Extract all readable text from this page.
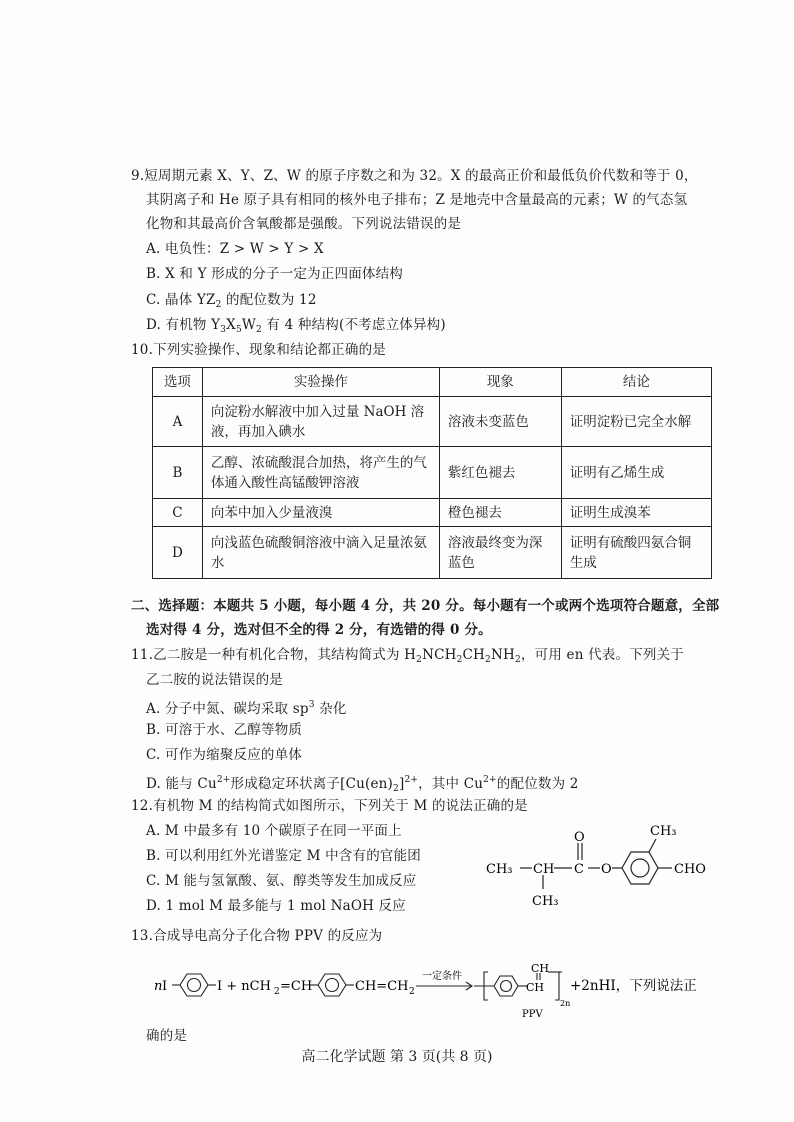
9.短周期元素 X、Y、Z、W 的原子序数之和为 32。X 的最高正价和最低负价代数和等于 0，
其阴离子和 He 原子具有相同的核外电子排布；Z 是地壳中含量最高的元素；W 的气态氢
化物和其最高价含氧酸都是强酸。下列说法错误的是
A. 电负性：Z > W > Y > X
B. X 和 Y 形成的分子一定为正四面体结构
C. 晶体 $YZ_2$ 的配位数为 12
D. 有机物 $Y_3X_5W_2$ 有 4 种结构(不考虑立体异构)
10.下列实验操作、现象和结论都正确的是
选项	实验操作	现象	结论
A	向淀粉水解液中加入过量 NaOH 溶液，再加入碘水	溶液未变蓝色	证明淀粉已完全水解
B	乙醇、浓硫酸混合加热，将产生的气体通入酸性高锰酸钾溶液	紫红色褪去	证明有乙烯生成
C	向苯中加入少量液溴	橙色褪去	证明生成溴苯
D	向浅蓝色硫酸铜溶液中滴入足量浓氨水	溶液最终变为深蓝色	证明有硫酸四氨合铜生成
二、选择题：本题共 5 小题，每小题 4 分，共 20 分。每小题有一个或两个选项符合题意，全部
选对得 4 分，选对但不全的得 2 分，有选错的得 0 分。
11.乙二胺是一种有机化合物，其结构简式为 $H_2NCH_2CH_2NH_2$，可用 en 代表。下列关于
乙二胺的说法错误的是
A. 分子中氮、碳均采取 $sp^3$ 杂化
B. 可溶于水、乙醇等物质
C. 可作为缩聚反应的单体
D. 能与 $Cu^{2+}$形成稳定环状离子$[Cu(en)_2]^{2+}$，其中 $Cu^{2+}$的配位数为 2
12.有机物 M 的结构简式如图所示，下列关于 M 的说法正确的是
A. M 中最多有 10 个碳原子在同一平面上
B. 可以利用红外光谱鉴定 M 中含有的官能团
C. M 能与氢氰酸、氨、醇类等发生加成反应
D. 1 mol M 最多能与 1 mol NaOH 反应
CH₃ CH C
O
O
CH₃
CHO
CH₃
13.合成导电高分子化合物 PPV 的反应为
n I	I + nCH 2 =CH	CH=CH 2
一定条件
CH
CH
2n
+2nHI，下列说法正
PPV
确的是
高二化学试题 第 3 页(共 8 页)
